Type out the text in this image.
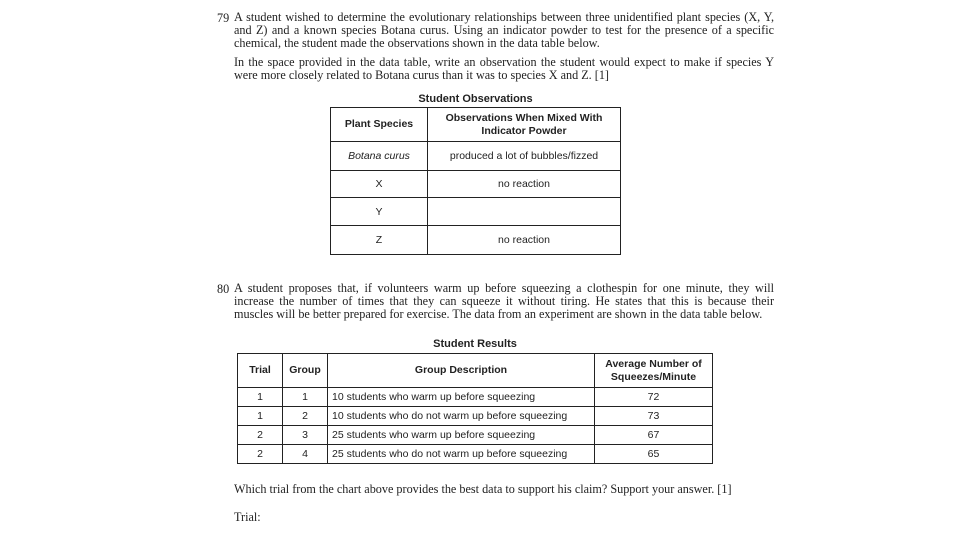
79 A student wished to determine the evolutionary relationships between three unidentified plant species (X, Y, and Z) and a known species Botana curus. Using an indicator powder to test for the presence of a specific chemical, the student made the observations shown in the data table below.
In the space provided in the data table, write an observation the student would expect to make if species Y were more closely related to Botana curus than it was to species X and Z. [1]
Student Observations
Plant Species	Observations When Mixed With Indicator Powder
Botana curus	produced a lot of bubbles/fizzed
X	no reaction
Y	
Z	no reaction
80 A student proposes that, if volunteers warm up before squeezing a clothespin for one minute, they will increase the number of times that they can squeeze it without tiring. He states that this is because their muscles will be better prepared for exercise. The data from an experiment are shown in the data table below.
Student Results
Trial	Group	Group Description	Average Number of Squeezes/Minute
1	1	10 students who warm up before squeezing	72
1	2	10 students who do not warm up before squeezing	73
2	3	25 students who warm up before squeezing	67
2	4	25 students who do not warm up before squeezing	65
Which trial from the chart above provides the best data to support his claim? Support your answer. [1]
Trial:
